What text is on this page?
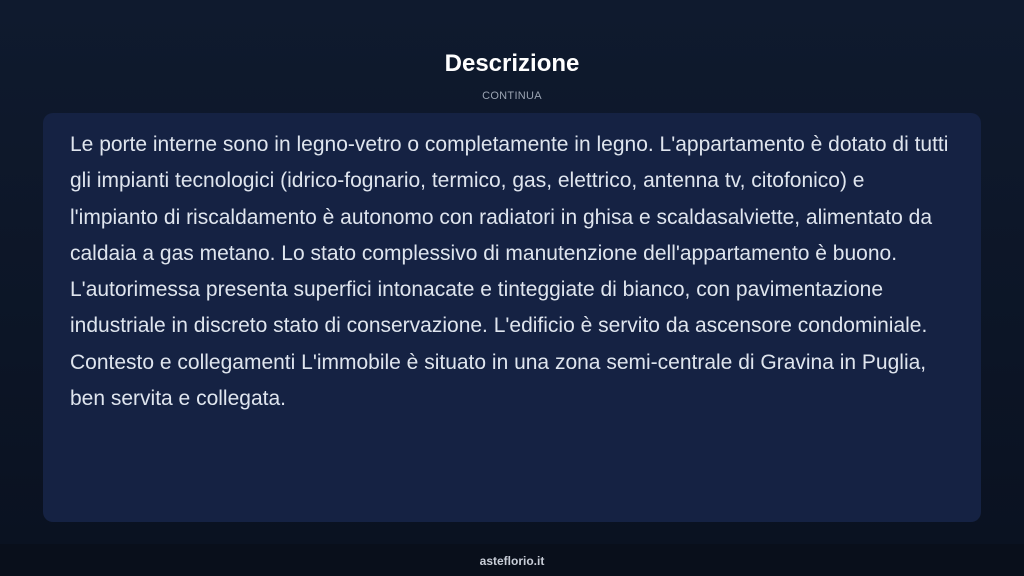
Descrizione
CONTINUA

Le porte interne sono in legno-vetro o completamente in legno. L'appartamento è dotato di tutti gli impianti tecnologici (idrico-fognario, termico, gas, elettrico, antenna tv, citofonico) e l'impianto di riscaldamento è autonomo con radiatori in ghisa e scaldasalviette, alimentato da caldaia a gas metano. Lo stato complessivo di manutenzione dell'appartamento è buono. L'autorimessa presenta superfici intonacate e tinteggiate di bianco, con pavimentazione industriale in discreto stato di conservazione. L'edificio è servito da ascensore condominiale. Contesto e collegamenti L'immobile è situato in una zona semi-centrale di Gravina in Puglia, ben servita e collegata.

asteflorio.it
